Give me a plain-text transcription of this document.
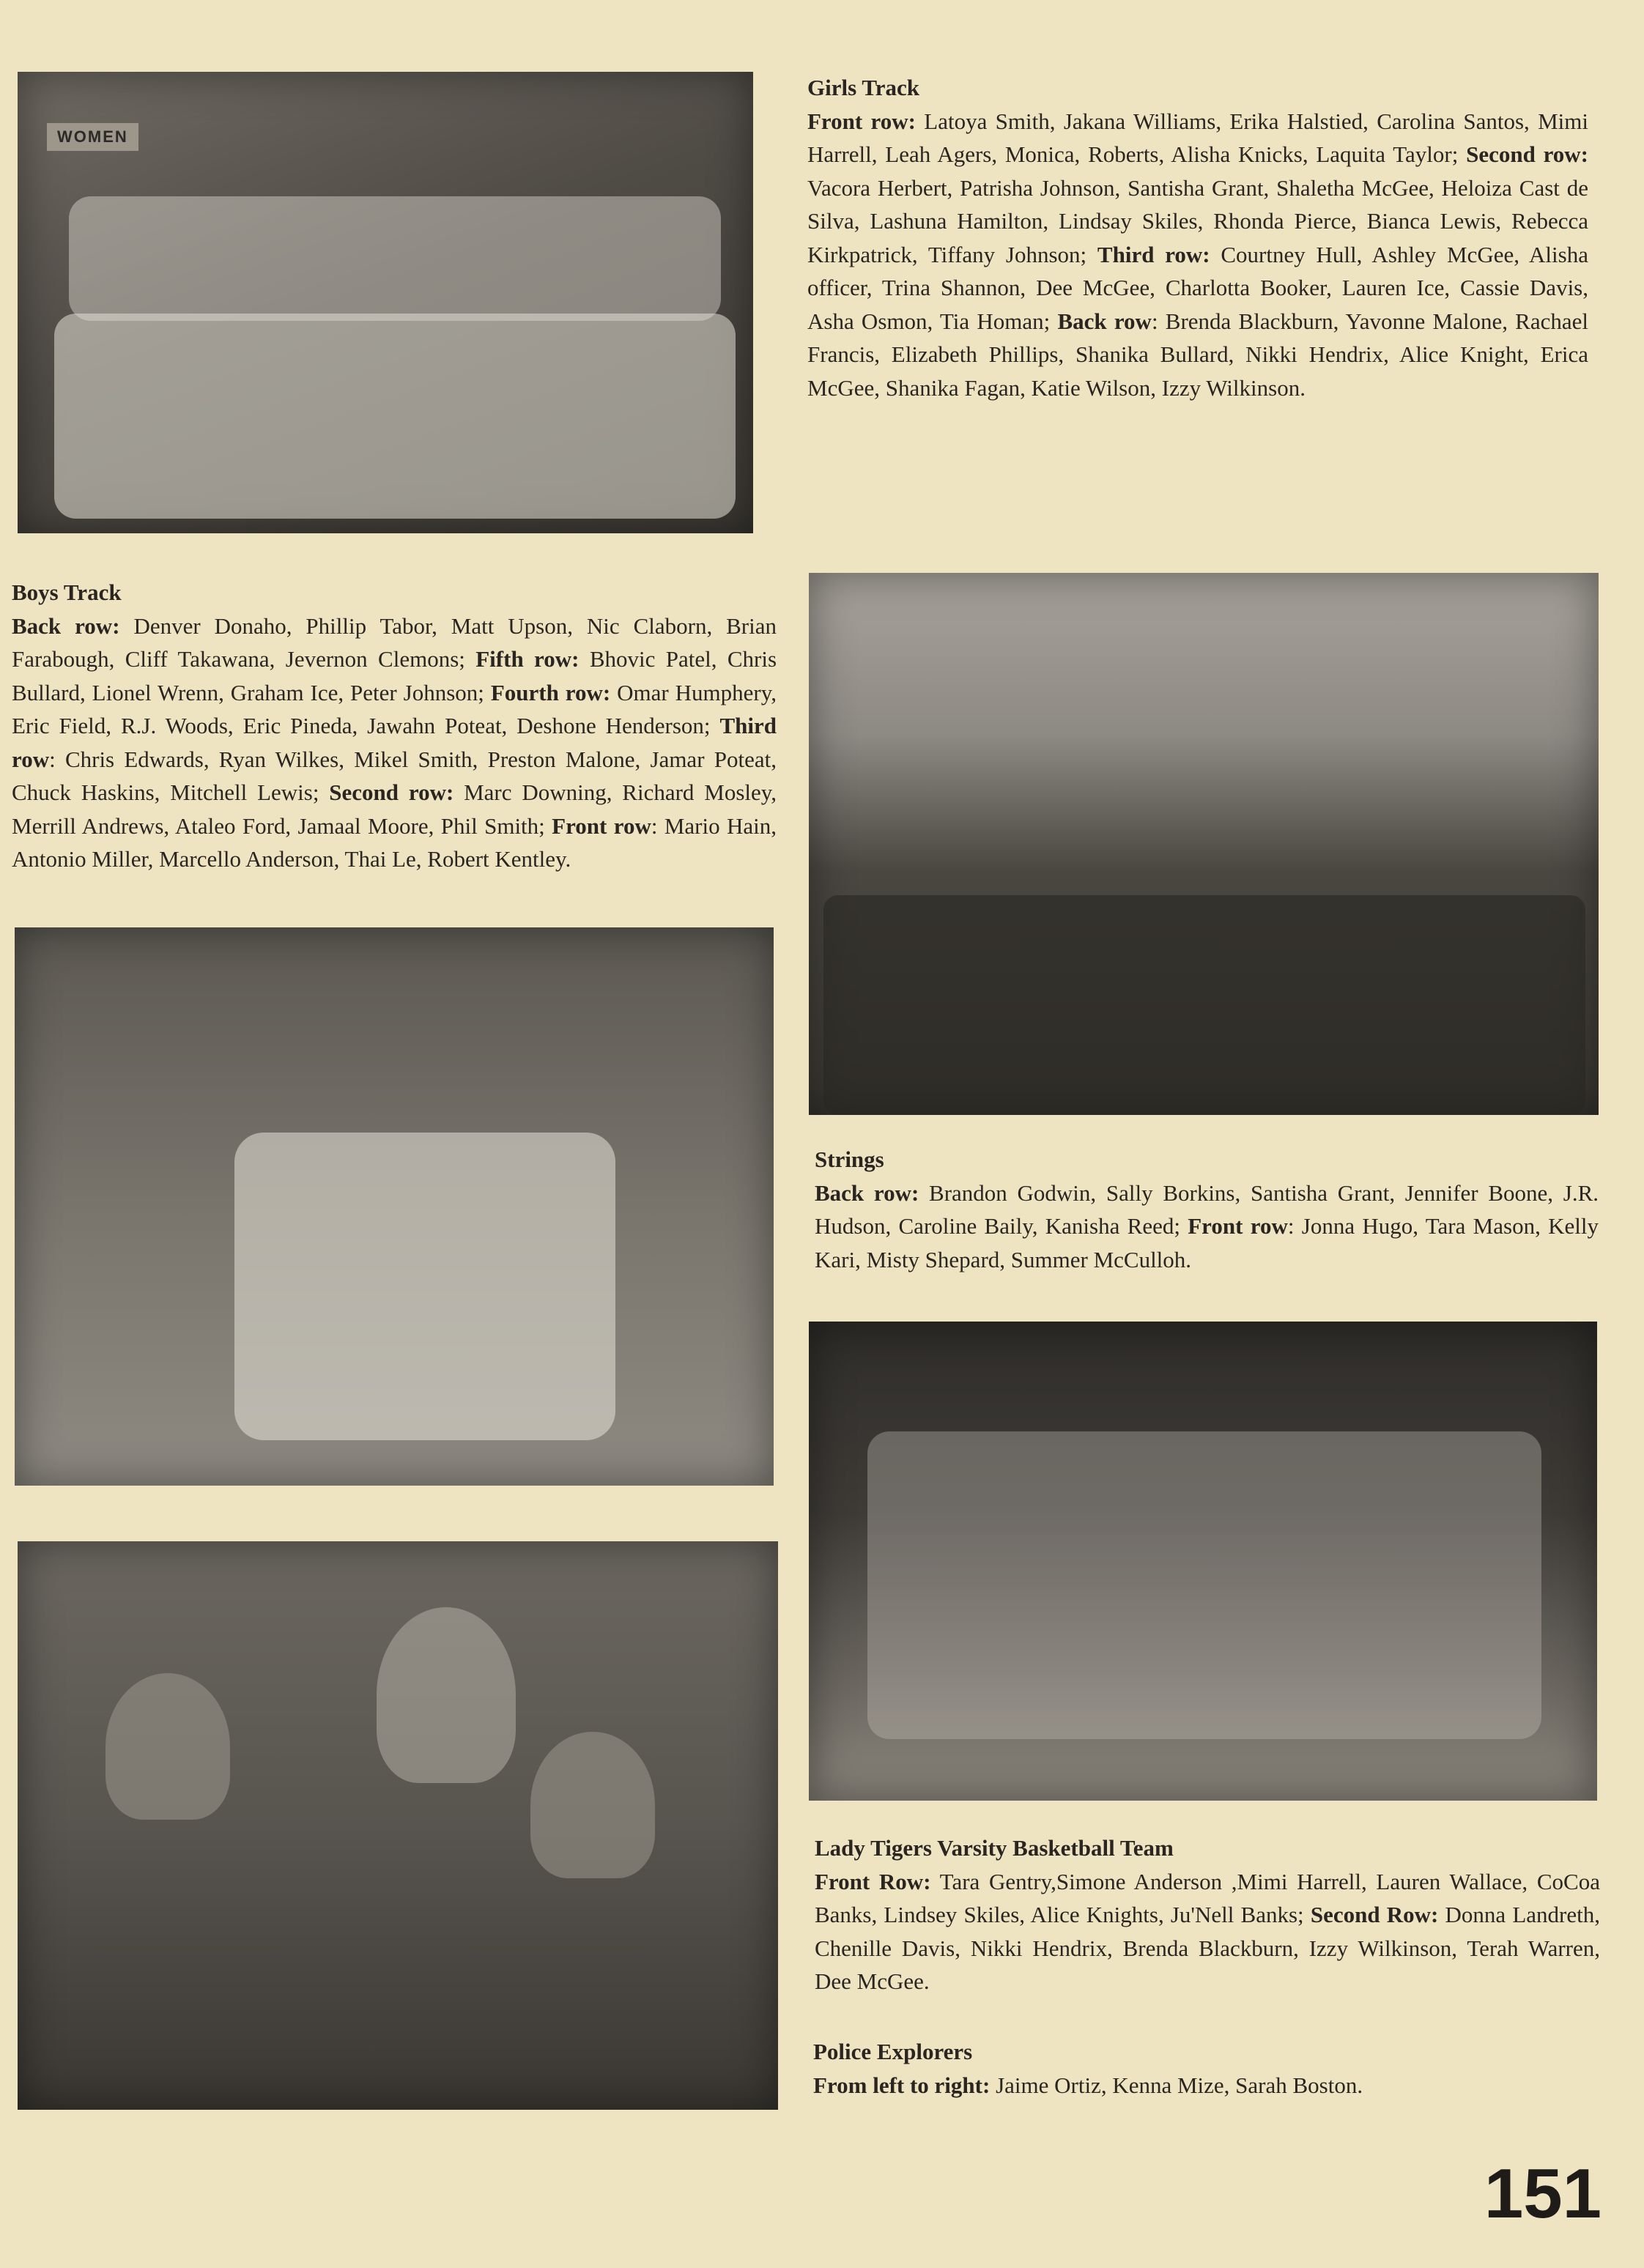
WOMEN
Girls Track
Front row: Latoya Smith, Jakana Williams, Erika Halstied, Carolina Santos, Mimi Harrell, Leah Agers, Monica, Roberts, Alisha Knicks, Laquita Taylor; Second row: Vacora Herbert, Patrisha Johnson, Santisha Grant, Shaletha McGee, Heloiza Cast de Silva, Lashuna Hamilton, Lindsay Skiles, Rhonda Pierce, Bianca Lewis, Rebecca Kirkpatrick, Tiffany Johnson; Third row: Courtney Hull, Ashley McGee, Alisha officer, Trina Shannon, Dee McGee, Charlotta Booker, Lauren Ice, Cassie Davis, Asha Osmon, Tia Homan; Back row: Brenda Blackburn, Yavonne Malone, Rachael Francis, Elizabeth Phillips, Shanika Bullard, Nikki Hendrix, Alice Knight, Erica McGee, Shanika Fagan, Katie Wilson, Izzy Wilkinson.
Boys Track
Back row: Denver Donaho, Phillip Tabor, Matt Upson, Nic Claborn, Brian Farabough, Cliff Takawana, Jevernon Clemons; Fifth row: Bhovic Patel, Chris Bullard, Lionel Wrenn, Graham Ice, Peter Johnson; Fourth row: Omar Humphery, Eric Field, R.J. Woods, Eric Pineda, Jawahn Poteat, Deshone Henderson; Third row: Chris Edwards, Ryan Wilkes, Mikel Smith, Preston Malone, Jamar Poteat, Chuck Haskins, Mitchell Lewis; Second row: Marc Downing, Richard Mosley, Merrill Andrews, Ataleo Ford, Jamaal Moore, Phil Smith; Front row: Mario Hain, Antonio Miller, Marcello Anderson, Thai Le, Robert Kentley.
Strings
Back row: Brandon Godwin, Sally Borkins, Santisha Grant, Jennifer Boone, J.R. Hudson, Caroline Baily, Kanisha Reed; Front row: Jonna Hugo, Tara Mason, Kelly Kari, Misty Shepard, Summer McCulloh.
Lady Tigers Varsity Basketball Team
Front Row: Tara Gentry,Simone Anderson ,Mimi Harrell, Lauren Wallace, CoCoa Banks, Lindsey Skiles, Alice Knights, Ju'Nell Banks; Second Row: Donna Landreth, Chenille Davis, Nikki Hendrix, Brenda Blackburn, Izzy Wilkinson, Terah Warren, Dee McGee.
Police Explorers
From left to right: Jaime Ortiz, Kenna Mize, Sarah Boston.
151
